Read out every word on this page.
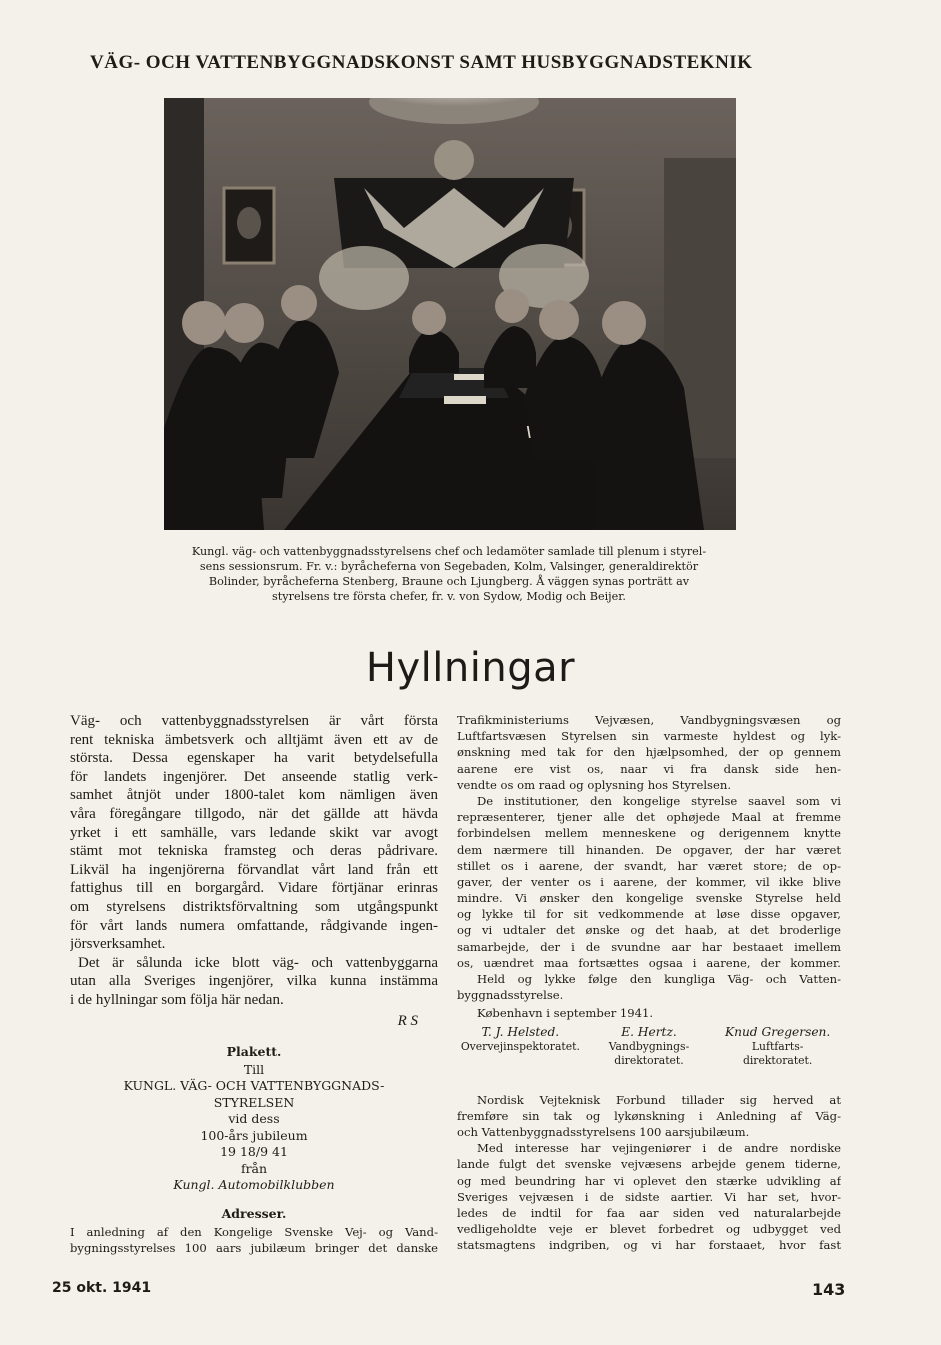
VÄG- OCH VATTENBYGGNADSKONST SAMT HUSBYGGNADSTEKNIK
Kungl. väg- och vattenbyggnadsstyrelsens chef och ledamöter samlade till plenum i styrel-
sens sessionsrum. Fr. v.: byråcheferna von Segebaden, Kolm, Valsinger, generaldirektör
Bolinder, byråcheferna Stenberg, Braune och Ljungberg. Å väggen synas porträtt av
styrelsens tre första chefer, fr. v. von Sydow, Modig och Beijer.
Hyllningar
Väg- och vattenbyggnadsstyrelsen är vårt första
rent tekniska ämbetsverk och alltjämt även ett av de
största. Dessa egenskaper ha varit betydelsefulla
för landets ingenjörer. Det anseende statlig verk-
samhet åtnjöt under 1800-talet kom nämligen även
våra föregångare tillgodo, när det gällde att hävda
yrket i ett samhälle, vars ledande skikt var avogt
stämt mot tekniska framsteg och deras pådrivare.
Likväl ha ingenjörerna förvandlat vårt land från ett
fattighus till en borgargård. Vidare förtjänar erinras
om styrelsens distriktsförvaltning som utgångspunkt
för vårt lands numera omfattande, rådgivande ingen-
jörsverksamhet.
Det är sålunda icke blott väg- och vattenbyggarna
utan alla Sveriges ingenjörer, vilka kunna instämma
i de hyllningar som följa här nedan.
R S
Plakett.
Till
KUNGL. VÄG- OCH VATTENBYGGNADS-
STYRELSEN
vid dess
100-års jubileum
19 18/9 41
från
Kungl. Automobilklubben
Adresser.
I anledning af den Kongelige Svenske Vej- og Vand-
bygningsstyrelses 100 aars jubilæum bringer det danske
Trafikministeriums Vejvæsen, Vandbygningsvæsen og
Luftfartsvæsen Styrelsen sin varmeste hyldest og lyk-
ønskning med tak for den hjælpsomhed, der op gennem
aarene ere vist os, naar vi fra dansk side hen-
vendte os om raad og oplysning hos Styrelsen.
De institutioner, den kongelige styrelse saavel som vi
repræsenterer, tjener alle det ophøjede Maal at fremme
forbindelsen mellem menneskene og derigennem knytte
dem nærmere till hinanden. De opgaver, der har været
stillet os i aarene, der svandt, har været store; de op-
gaver, der venter os i aarene, der kommer, vil ikke blive
mindre. Vi ønsker den kongelige svenske Styrelse held
og lykke til for sit vedkommende at løse disse opgaver,
og vi udtaler det ønske og det haab, at det broderlige
samarbejde, der i de svundne aar har bestaaet imellem
os, uændret maa fortsættes ogsaa i aarene, der kommer.
Held og lykke følge den kungliga Väg- och Vatten-
byggnadsstyrelse.
København i september 1941.
T. J. Helsted.
Overvejinspektoratet.
E. Hertz.
Vandbygnings-
direktoratet.
Knud Gregersen.
Luftfarts-
direktoratet.
Nordisk Vejteknisk Forbund tillader sig herved at
fremføre sin tak og lykønskning i Anledning af Väg-
och Vattenbyggnadsstyrelsens 100 aarsjubilæum.
Med interesse har vejingeniører i de andre nordiske
lande fulgt det svenske vejvæsens arbejde genem tiderne,
og med beundring har vi oplevet den stærke udvikling af
Sveriges vejvæsen i de sidste aartier. Vi har set, hvor-
ledes de indtil for faa aar siden ved naturalarbejde
vedligeholdte veje er blevet forbedret og udbygget ved
statsmagtens indgriben, og vi har forstaaet, hvor fast
25 okt. 1941	143
